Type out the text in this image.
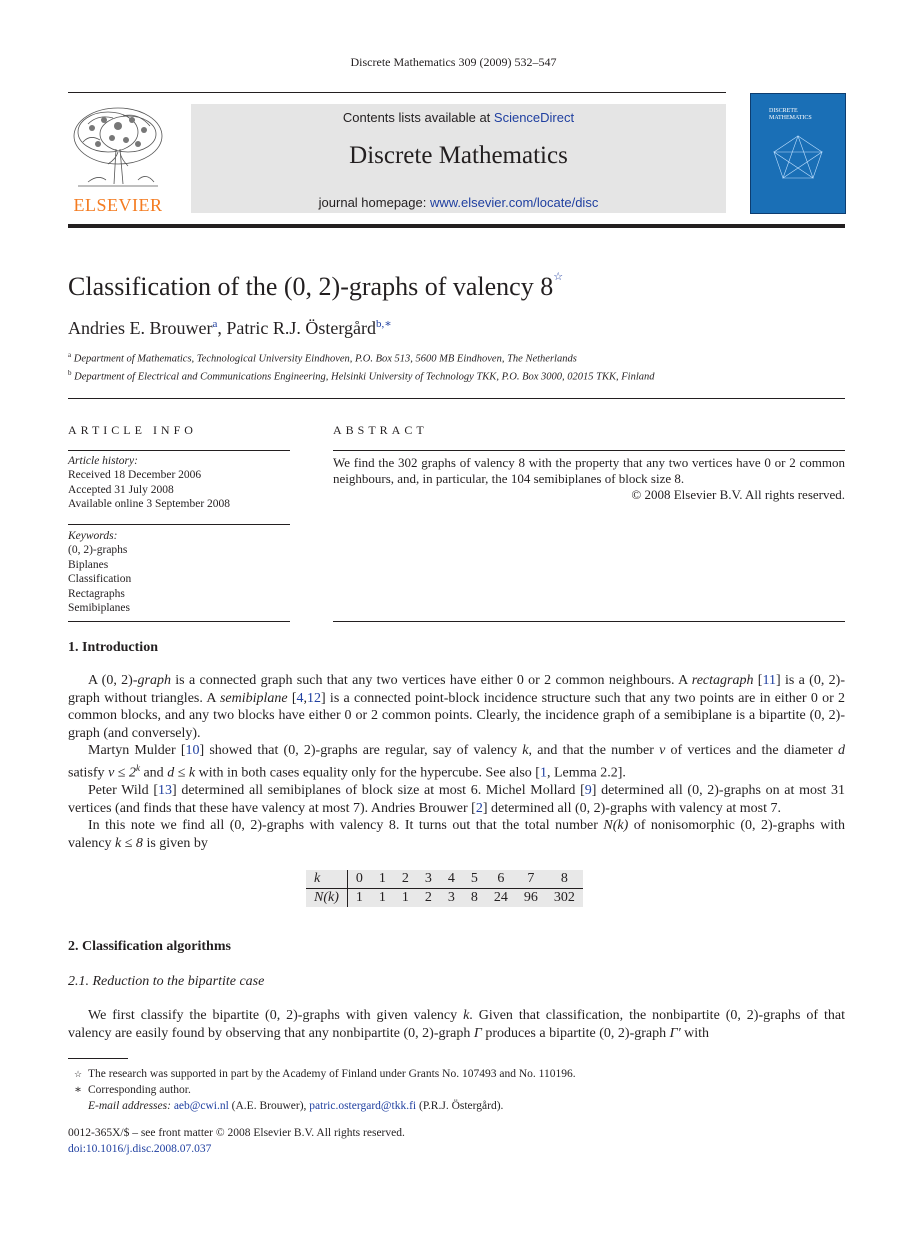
Discrete Mathematics 309 (2009) 532–547
ELSEVIER
Contents lists available at ScienceDirect
Discrete Mathematics
journal homepage: www.elsevier.com/locate/disc
DISCRETE
MATHEMATICS
Classification of the (0, 2)-graphs of valency 8☆
Andries E. Brouwer$^a$, Patric R.J. Östergård$^{b,∗}$
$^a$ Department of Mathematics, Technological University Eindhoven, P.O. Box 513, 5600 MB Eindhoven, The Netherlands
$^b$ Department of Electrical and Communications Engineering, Helsinki University of Technology TKK, P.O. Box 3000, 02015 TKK, Finland
ARTICLE INFO
Article history:
Received 18 December 2006
Accepted 31 July 2008
Available online 3 September 2008
Keywords:
(0, 2)-graphs
Biplanes
Classification
Rectagraphs
Semibiplanes
ABSTRACT
We find the 302 graphs of valency 8 with the property that any two vertices have 0 or 2 common neighbours, and, in particular, the 104 semibiplanes of block size 8.
© 2008 Elsevier B.V. All rights reserved.
1. Introduction
A (0, 2)-graph is a connected graph such that any two vertices have either 0 or 2 common neighbours. A rectagraph [11] is a (0, 2)-graph without triangles. A semibiplane [4,12] is a connected point-block incidence structure such that any two points are in either 0 or 2 common blocks, and any two blocks have either 0 or 2 common points. Clearly, the incidence graph of a semibiplane is a bipartite (0, 2)-graph (and conversely).
Martyn Mulder [10] showed that (0, 2)-graphs are regular, say of valency k, and that the number v of vertices and the diameter d satisfy $v \le 2^k$ and d ≤ k with in both cases equality only for the hypercube. See also [1, Lemma 2.2].
Peter Wild [13] determined all semibiplanes of block size at most 6. Michel Mollard [9] determined all (0, 2)-graphs on at most 31 vertices (and finds that these have valency at most 7). Andries Brouwer [2] determined all (0, 2)-graphs with valency at most 7.
In this note we find all (0, 2)-graphs with valency 8. It turns out that the total number N(k) of nonisomorphic (0, 2)-graphs with valency k ≤ 8 is given by
k	0	1	2	3	4	5	6	7	8
N(k)	1	1	1	2	3	8	24	96	302
2. Classification algorithms
2.1. Reduction to the bipartite case
We first classify the bipartite (0, 2)-graphs with given valency k. Given that classification, the nonbipartite (0, 2)-graphs of that valency are easily found by observing that any nonbipartite (0, 2)-graph Γ produces a bipartite (0, 2)-graph Γ′ with
☆ The research was supported in part by the Academy of Finland under Grants No. 107493 and No. 110196.
∗ Corresponding author.
E-mail addresses: aeb@cwi.nl (A.E. Brouwer), patric.ostergard@tkk.fi (P.R.J. Östergård).
0012-365X/$ – see front matter © 2008 Elsevier B.V. All rights reserved.
doi:10.1016/j.disc.2008.07.037
